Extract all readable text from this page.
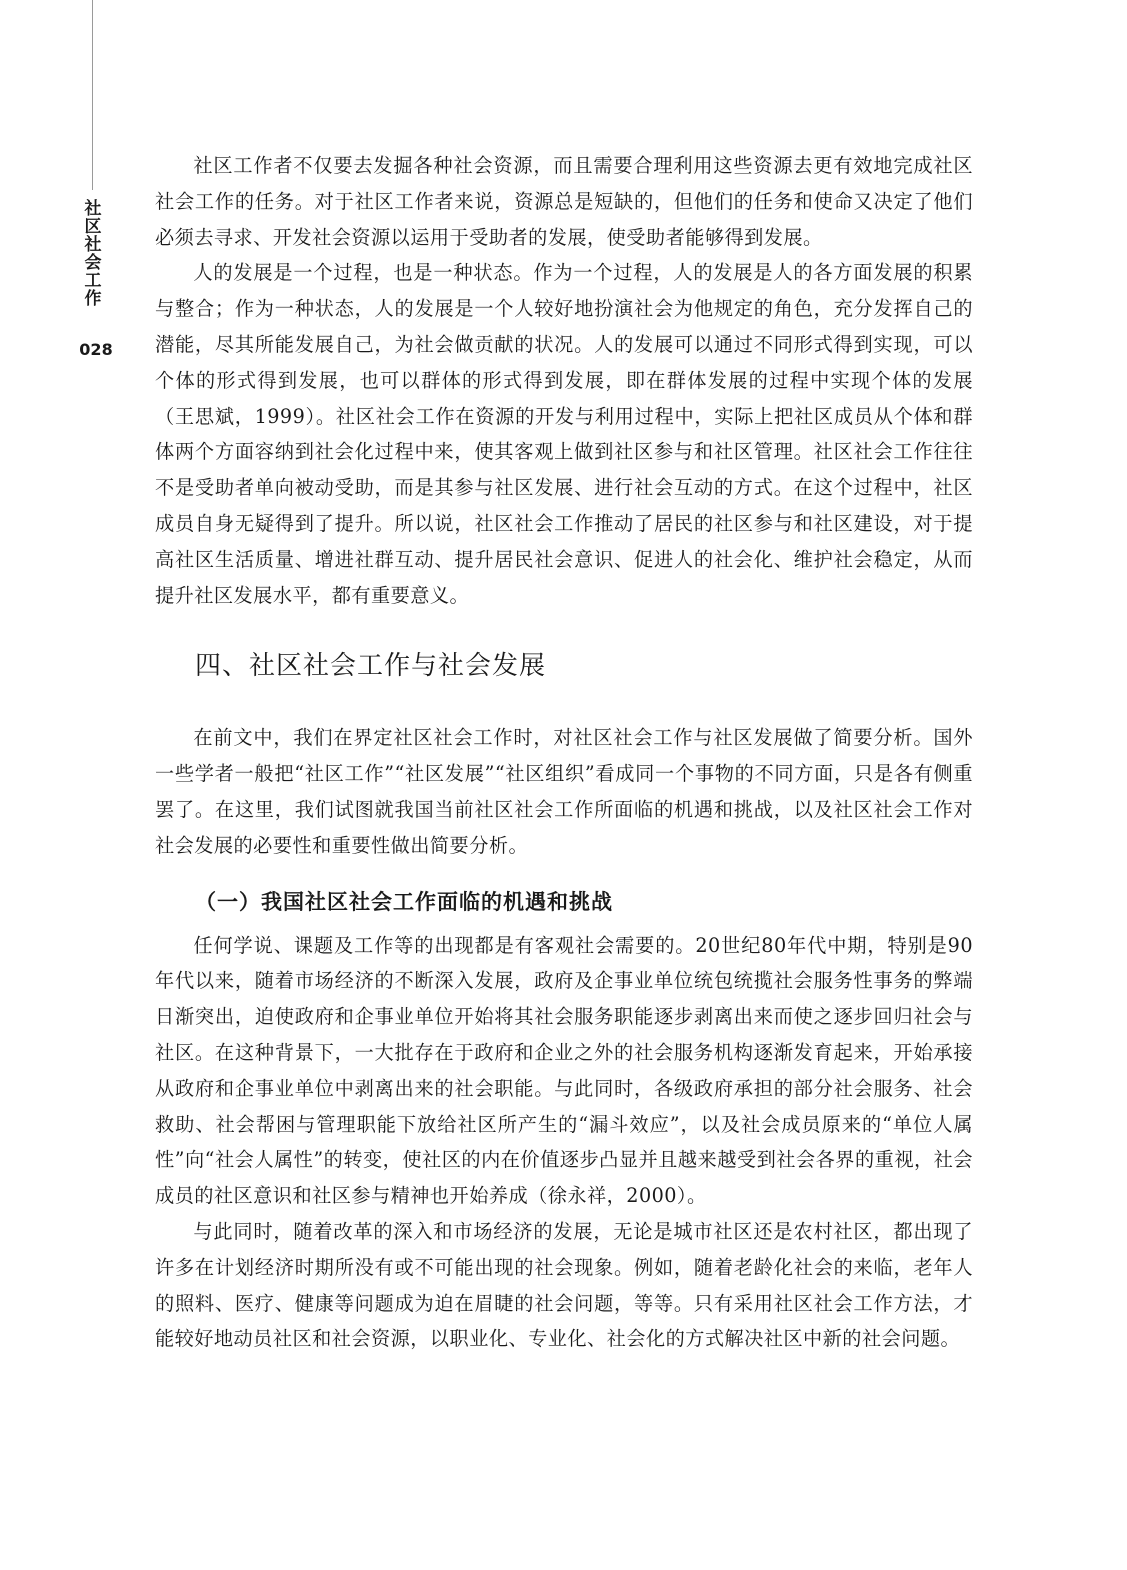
社
区
社
会
工
作
028

社区工作者不仅要去发掘各种社会资源，而且需要合理利用这些资源去更有效地完成社区社会工作的任务。对于社区工作者来说，资源总是短缺的，但他们的任务和使命又决定了他们必须去寻求、开发社会资源以运用于受助者的发展，使受助者能够得到发展。

人的发展是一个过程，也是一种状态。作为一个过程，人的发展是人的各方面发展的积累与整合；作为一种状态，人的发展是一个人较好地扮演社会为他规定的角色，充分发挥自己的潜能，尽其所能发展自己，为社会做贡献的状况。人的发展可以通过不同形式得到实现，可以个体的形式得到发展，也可以群体的形式得到发展，即在群体发展的过程中实现个体的发展（王思斌，1999）。社区社会工作在资源的开发与利用过程中，实际上把社区成员从个体和群体两个方面容纳到社会化过程中来，使其客观上做到社区参与和社区管理。社区社会工作往往不是受助者单向被动受助，而是其参与社区发展、进行社会互动的方式。在这个过程中，社区成员自身无疑得到了提升。所以说，社区社会工作推动了居民的社区参与和社区建设，对于提高社区生活质量、增进社群互动、提升居民社会意识、促进人的社会化、维护社会稳定，从而提升社区发展水平，都有重要意义。

四、社区社会工作与社会发展

在前文中，我们在界定社区社会工作时，对社区社会工作与社区发展做了简要分析。国外一些学者一般把“社区工作”“社区发展”“社区组织”看成同一个事物的不同方面，只是各有侧重罢了。在这里，我们试图就我国当前社区社会工作所面临的机遇和挑战，以及社区社会工作对社会发展的必要性和重要性做出简要分析。

（一）我国社区社会工作面临的机遇和挑战

任何学说、课题及工作等的出现都是有客观社会需要的。20世纪80年代中期，特别是90年代以来，随着市场经济的不断深入发展，政府及企事业单位统包统揽社会服务性事务的弊端日渐突出，迫使政府和企事业单位开始将其社会服务职能逐步剥离出来而使之逐步回归社会与社区。在这种背景下，一大批存在于政府和企业之外的社会服务机构逐渐发育起来，开始承接从政府和企事业单位中剥离出来的社会职能。与此同时，各级政府承担的部分社会服务、社会救助、社会帮困与管理职能下放给社区所产生的“漏斗效应”，以及社会成员原来的“单位人属性”向“社会人属性”的转变，使社区的内在价值逐步凸显并且越来越受到社会各界的重视，社会成员的社区意识和社区参与精神也开始养成（徐永祥，2000）。

与此同时，随着改革的深入和市场经济的发展，无论是城市社区还是农村社区，都出现了许多在计划经济时期所没有或不可能出现的社会现象。例如，随着老龄化社会的来临，老年人的照料、医疗、健康等问题成为迫在眉睫的社会问题，等等。只有采用社区社会工作方法，才能较好地动员社区和社会资源，以职业化、专业化、社会化的方式解决社区中新的社会问题。
